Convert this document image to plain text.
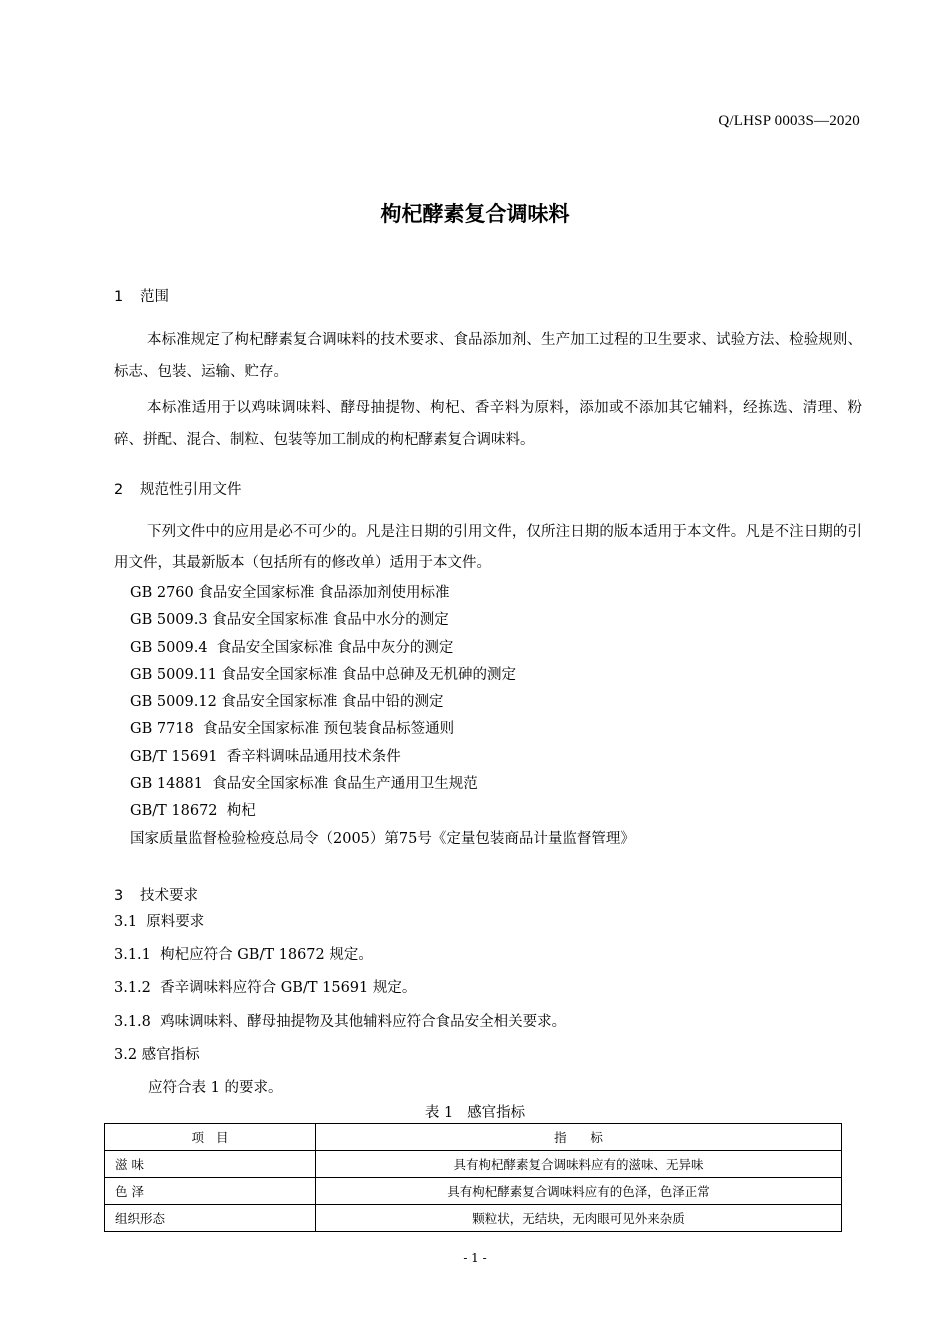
Q/LHSP 0003S—2020
枸杞酵素复合调味料
1 范围
本标准规定了枸杞酵素复合调味料的技术要求、食品添加剂、生产加工过程的卫生要求、试验方法、检验规则、标志、包装、运输、贮存。
本标准适用于以鸡味调味料、酵母抽提物、枸杞、香辛料为原料，添加或不添加其它辅料，经拣选、清理、粉碎、拼配、混合、制粒、包装等加工制成的枸杞酵素复合调味料。
2 规范性引用文件
下列文件中的应用是必不可少的。凡是注日期的引用文件，仅所注日期的版本适用于本文件。凡是不注日期的引用文件，其最新版本（包括所有的修改单）适用于本文件。
GB 2760 食品安全国家标准 食品添加剂使用标准
GB 5009.3 食品安全国家标准 食品中水分的测定
GB 5009.4  食品安全国家标准 食品中灰分的测定
GB 5009.11 食品安全国家标准 食品中总砷及无机砷的测定
GB 5009.12 食品安全国家标准 食品中铅的测定
GB 7718  食品安全国家标准 预包装食品标签通则
GB/T 15691  香辛料调味品通用技术条件
GB 14881  食品安全国家标准 食品生产通用卫生规范
GB/T 18672  枸杞
国家质量监督检验检疫总局令（2005）第75号《定量包装商品计量监督管理》
3 技术要求
3.1  原料要求
3.1.1  枸杞应符合 GB/T 18672 规定。
3.1.2  香辛调味料应符合 GB/T 15691 规定。
3.1.8  鸡味调味料、酵母抽提物及其他辅料应符合食品安全相关要求。
3.2 感官指标
应符合表 1 的要求。
表 1   感官指标
项   目	指      标
滋 味	具有枸杞酵素复合调味料应有的滋味、无异味
色 泽	具有枸杞酵素复合调味料应有的色泽，色泽正常
组织形态	颗粒状，无结块，无肉眼可见外来杂质
- 1 -
